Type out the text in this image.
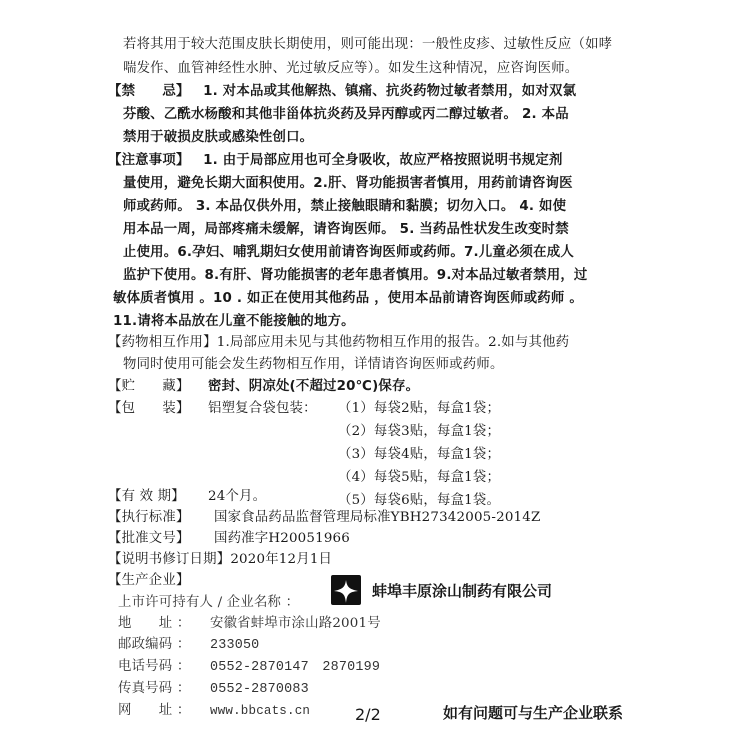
若将其用于较大范围皮肤长期使用，则可能出现：一般性皮疹、过敏性反应（如哮
喘发作、血管神经性水肿、光过敏反应等）。如发生这种情况，应咨询医师。
【禁　　忌】　1. 对本品或其他解热、镇痛、抗炎药物过敏者禁用，如对双氯
芬酸、乙酰水杨酸和其他非甾体抗炎药及异丙醇或丙二醇过敏者。 2. 本品
禁用于破损皮肤或感染性创口。
【注意事项】　1. 由于局部应用也可全身吸收，故应严格按照说明书规定剂
量使用，避免长期大面积使用。2.肝、肾功能损害者慎用，用药前请咨询医
师或药师。 3. 本品仅供外用，禁止接触眼睛和黏膜；切勿入口。 4. 如使
用本品一周，局部疼痛未缓解，请咨询医师。 5. 当药品性状发生改变时禁
止使用。6.孕妇、哺乳期妇女使用前请咨询医师或药师。7.儿童必须在成人
监护下使用。8.有肝、肾功能损害的老年患者慎用。9.对本品过敏者禁用，过
敏体质者慎用 。10 . 如正在使用其他药品 ，使用本品前请咨询医师或药师 。
11.请将本品放在儿童不能接触的地方。
【药物相互作用】1.局部应用未见与其他药物相互作用的报告。2.如与其他药
物同时使用可能会发生药物相互作用，详情请咨询医师或药师。
【贮　　藏】 密封、阴凉处(不超过20℃)保存。
【包　　装】 铝塑复合袋包装： （1）每袋2贴，每盒1袋；
（2）每袋3贴，每盒1袋；
（3）每袋4贴，每盒1袋；
（4）每袋5贴，每盒1袋；
（5）每袋6贴，每盒1袋。
【有 效 期】 24个月。
【执行标准】 国家食品药品监督管理局标准YBH27342005-2014Z
【批准文号】 国药准字H20051966
【说明书修订日期】2020年12月1日
【生产企业】
上市许可持有人 / 企业名称 ：
蚌埠丰原涂山制药有限公司
地　　址 ： 安徽省蚌埠市涂山路2001号
邮政编码 ： 233050
电话号码 ： 0552-2870147　2870199
传真号码 ： 0552-2870083
网　　址 ： www.bbcats.cn	2/2	如有问题可与生产企业联系
